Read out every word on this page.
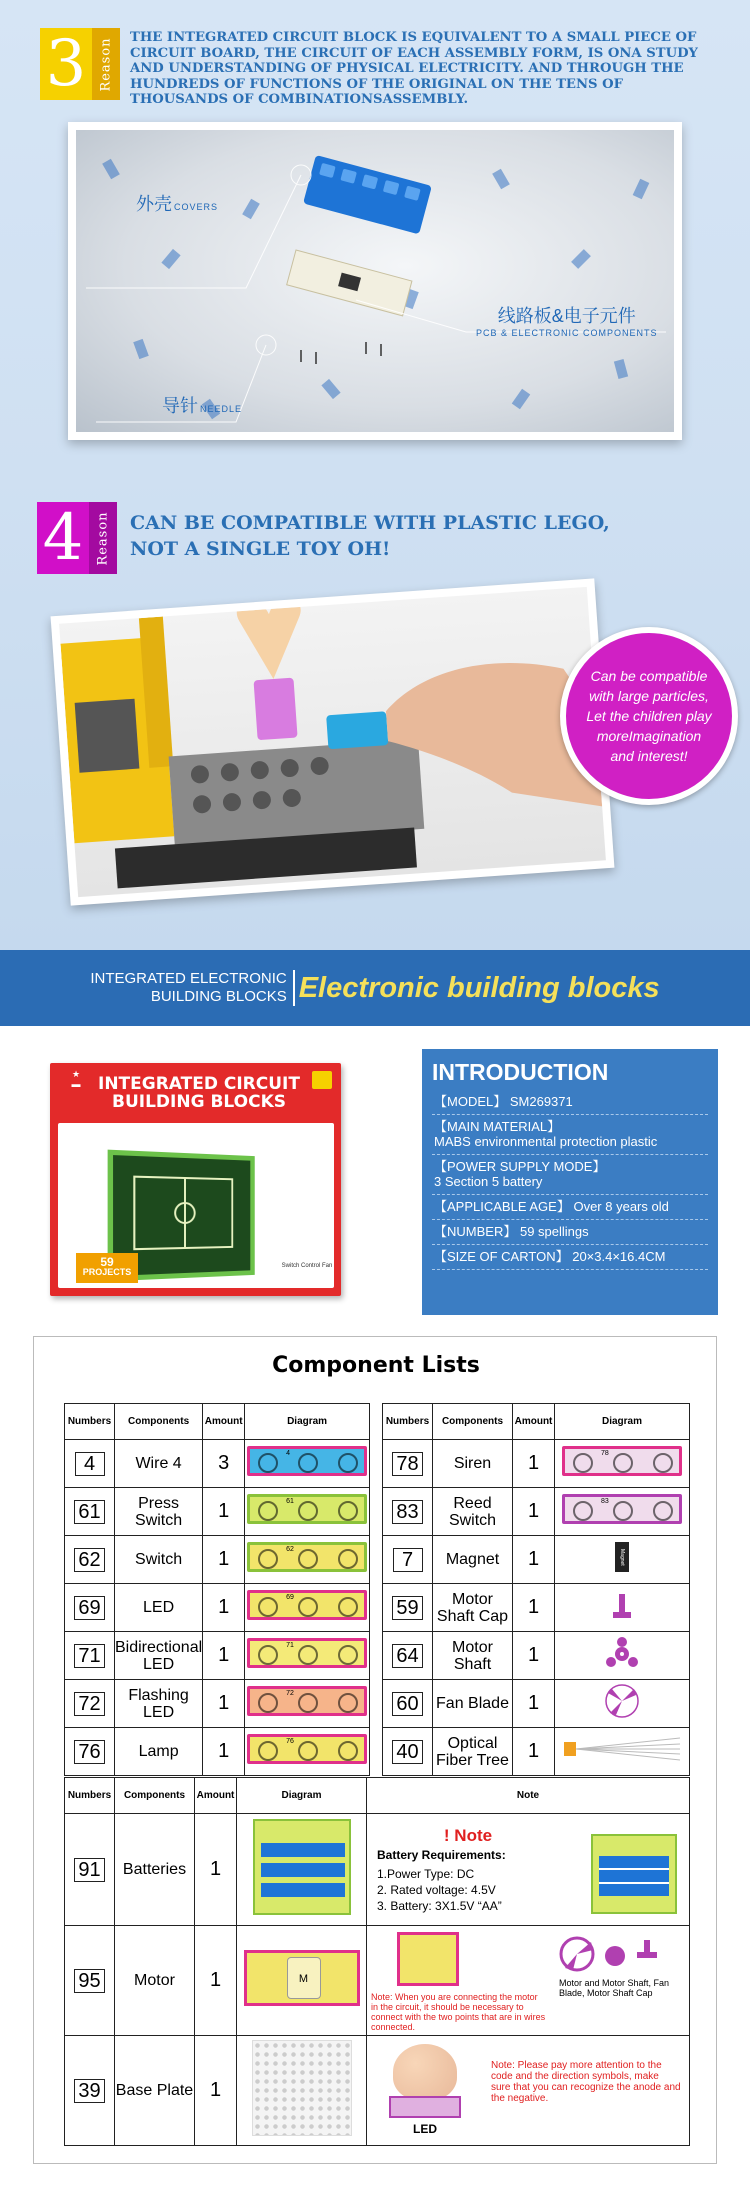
3 Reason THE INTEGRATED CIRCUIT BLOCK IS EQUIVALENT TO A SMALL PIECE OF CIRCUIT BOARD, THE CIRCUIT OF EACH ASSEMBLY FORM, IS ONA STUDY AND UNDERSTANDING OF PHYSICAL ELECTRICITY. AND THROUGH THE HUNDREDS OF FUNCTIONS OF THE ORIGINAL ON THE TENS OF THOUSANDS OF COMBINATIONSASSEMBLY.
外壳 COVERS
线路板&电子元件
PCB & ELECTRONIC COMPONENTS
导针 NEEDLE
4 Reason CAN BE COMPATIBLE WITH PLASTIC LEGO,
NOT A SINGLE TOY OH!
Can be compatible with large particles, Let the children play moreImagination and interest!
INTEGRATED ELECTRONIC
BUILDING BLOCKS Electronic building blocks
★
▬	INTEGRATED CIRCUIT
BUILDING BLOCKS
59
PROJECTS
Switch Control Fan
INTRODUCTION
【MODEL】 SM269371
【MAIN MATERIAL】
MABS environmental protection plastic
【POWER SUPPLY MODE】
3 Section 5 battery
【APPLICABLE AGE】 Over 8 years old
【NUMBER】 59 spellings
【SIZE OF CARTON】 20×3.4×16.4CM
Component Lists
Numbers	Components	Amount	Diagram
4	Wire 4	3	4

61	Press Switch	1	61

62	Switch	1	62

69	LED	1	69

71	Bidirectional LED	1	71

72	Flashing LED	1	72

76	Lamp	1	76
Numbers	Components	Amount	Diagram
78	Siren	1	78

83	Reed Switch	1	83

7	Magnet	1	Magnet
59	Motor Shaft Cap	1	
64	Motor Shaft	1	
60	Fan Blade	1	
40	Optical Fiber Tree	1	
Numbers	Components	Amount	Diagram	Note
91	Batteries	1		! Note
Battery Requirements:
1.Power Type: DC
2. Rated voltage: 4.5V
3. Battery: 3X1.5V “AA”

95	Motor	1	M	Note: When you are connecting the motor in the circuit, it should be necessary to connect with the two points that are in wires connected.
Motor and Motor Shaft, Fan Blade, Motor Shaft Cap

39	Base Plate	1		LED
Note: Please pay more attention to the code and the direction symbols, make sure that you can recognize the anode and the negative.
